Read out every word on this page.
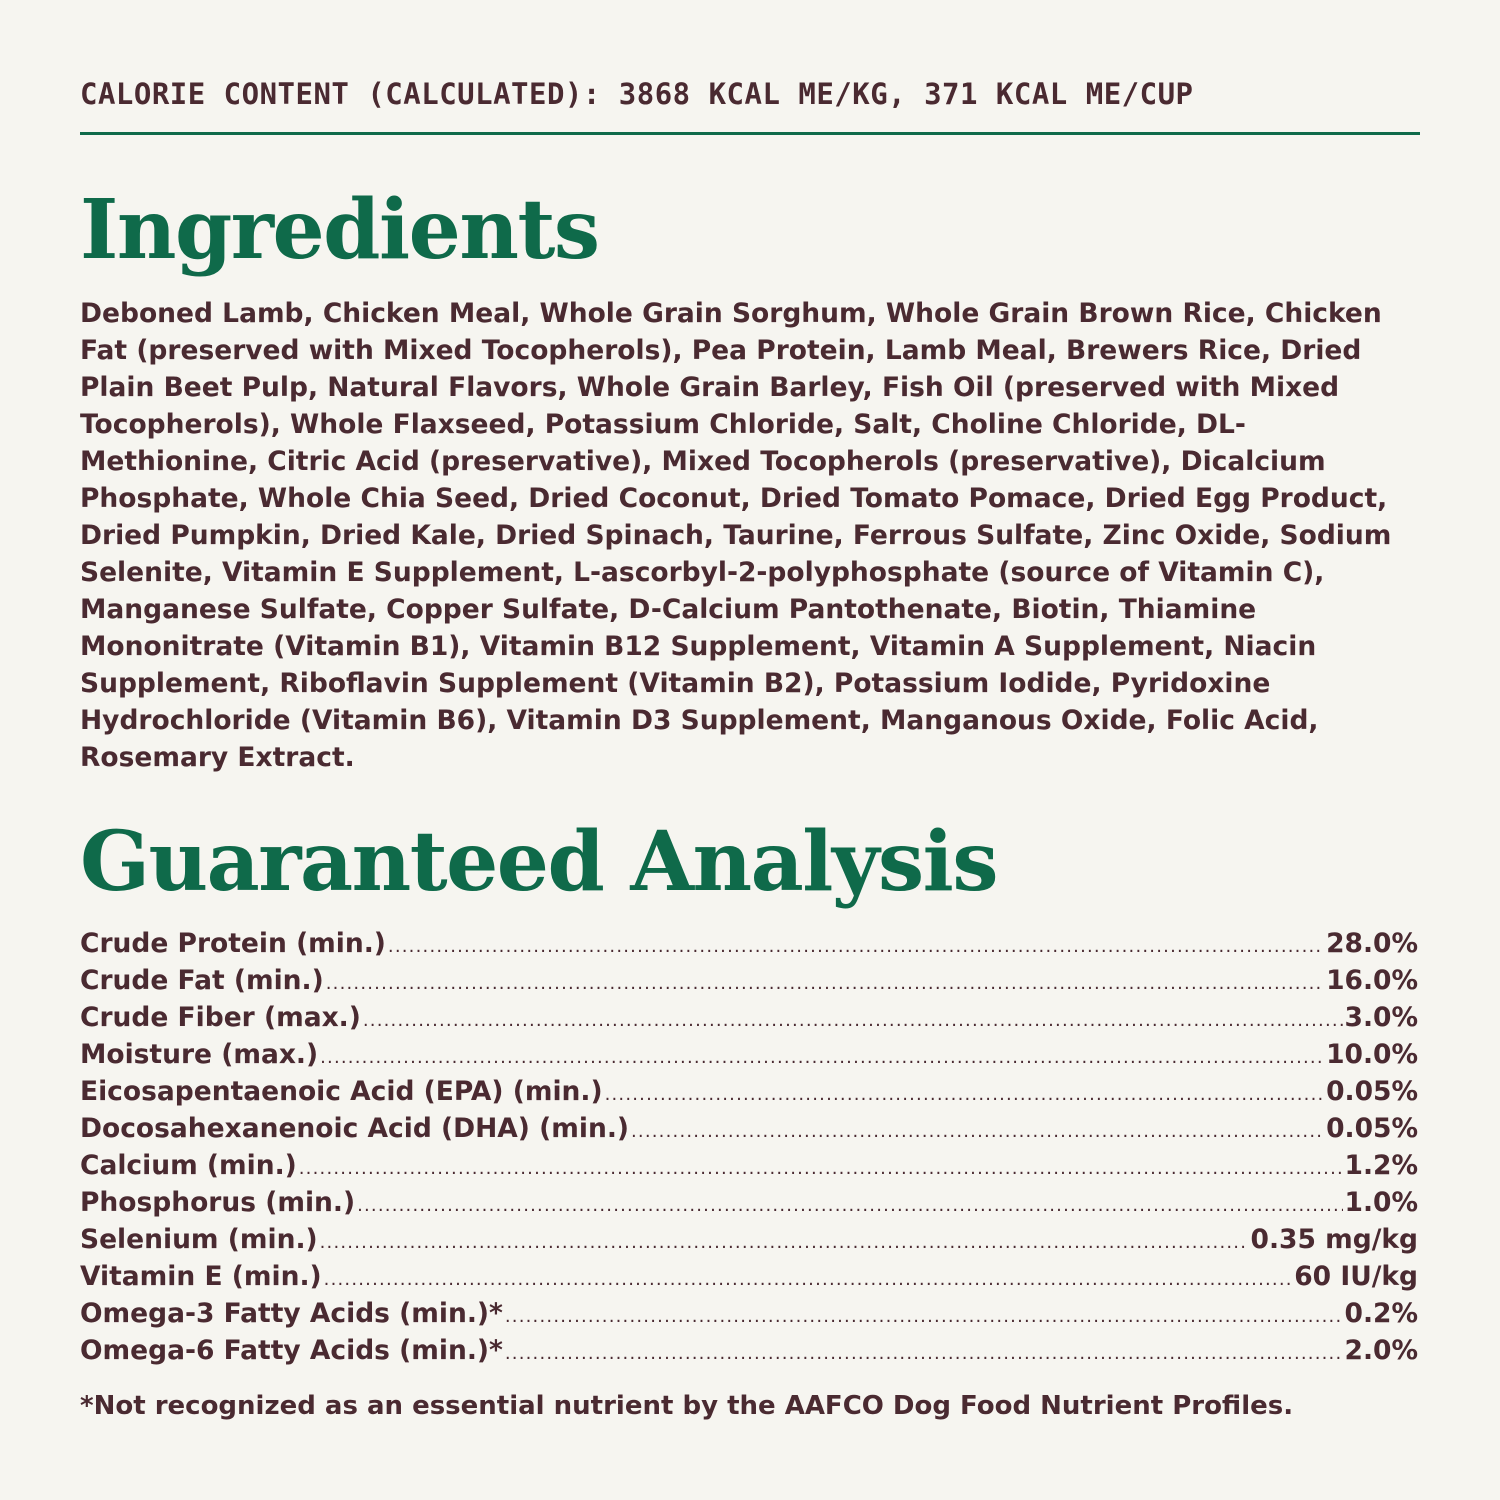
CALORIE CONTENT (CALCULATED): 3868 KCAL ME/KG, 371 KCAL ME/CUP
Ingredients

Deboned Lamb, Chicken Meal, Whole Grain Sorghum, Whole Grain Brown Rice, Chicken Fat (preserved with Mixed Tocopherols), Pea Protein, Lamb Meal, Brewers Rice, Dried Plain Beet Pulp, Natural Flavors, Whole Grain Barley, Fish Oil (preserved with Mixed Tocopherols), Whole Flaxseed, Potassium Chloride, Salt, Choline Chloride, DL-Methionine, Citric Acid (preservative), Mixed Tocopherols (preservative), Dicalcium Phosphate, Whole Chia Seed, Dried Coconut, Dried Tomato Pomace, Dried Egg Product, Dried Pumpkin, Dried Kale, Dried Spinach, Taurine, Ferrous Sulfate, Zinc Oxide, Sodium Selenite, Vitamin E Supplement, L-ascorbyl-2-polyphosphate (source of Vitamin C), Manganese Sulfate, Copper Sulfate, D-Calcium Pantothenate, Biotin, Thiamine Mononitrate (Vitamin B1), Vitamin B12 Supplement, Vitamin A Supplement, Niacin Supplement, Riboflavin Supplement (Vitamin B2), Potassium Iodide, Pyridoxine Hydrochloride (Vitamin B6), Vitamin D3 Supplement, Manganous Oxide, Folic Acid, Rosemary Extract.

Guaranteed Analysis
Crude Protein (min.) .....	28.0%
Crude Fat (min.) .....	16.0%
Crude Fiber (max.) .....	3.0%
Moisture (max.) .....	10.0%
Eicosapentaenoic Acid (EPA) (min.) .....	0.05%
Docosahexanenoic Acid (DHA) (min.) .....	0.05%
Calcium (min.) .....	1.2%
Phosphorus (min.) .....	1.0%
Selenium (min.) .....	0.35 mg/kg
Vitamin E (min.) .....	60 IU/kg
Omega-3 Fatty Acids (min.)* .....	0.2%
Omega-6 Fatty Acids (min.)* .....	2.0%

*Not recognized as an essential nutrient by the AAFCO Dog Food Nutrient Profiles.
